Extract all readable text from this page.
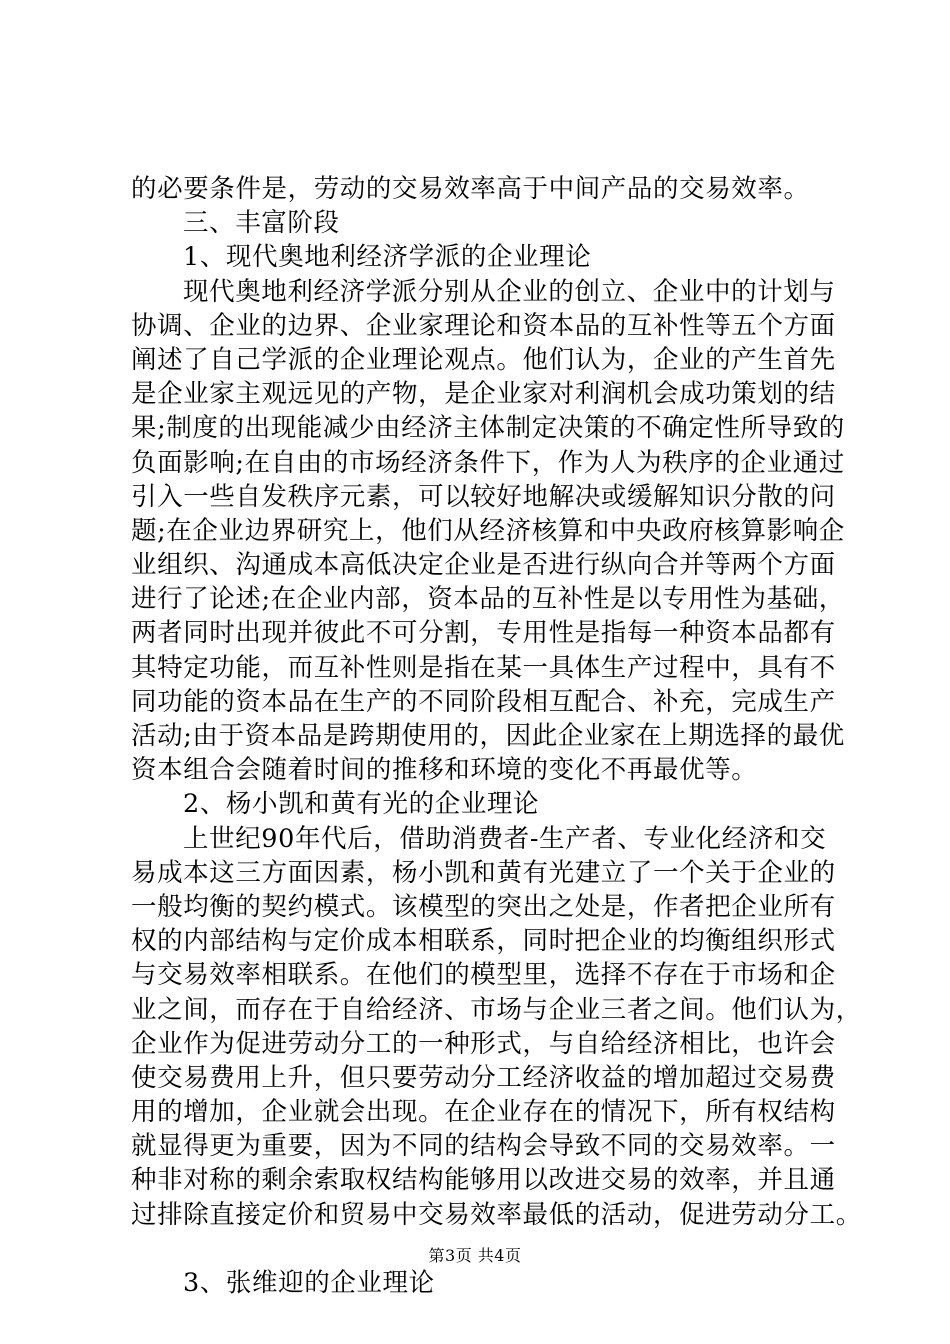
的必要条件是，劳动的交易效率高于中间产品的交易效率。
三、丰富阶段
1、现代奥地利经济学派的企业理论
现代奥地利经济学派分别从企业的创立、企业中的计划与
协调、企业的边界、企业家理论和资本品的互补性等五个方面
阐述了自己学派的企业理论观点。他们认为，企业的产生首先
是企业家主观远见的产物，是企业家对利润机会成功策划的结
果;制度的出现能减少由经济主体制定决策的不确定性所导致的
负面影响;在自由的市场经济条件下，作为人为秩序的企业通过
引入一些自发秩序元素，可以较好地解决或缓解知识分散的问
题;在企业边界研究上，他们从经济核算和中央政府核算影响企
业组织、沟通成本高低决定企业是否进行纵向合并等两个方面
进行了论述;在企业内部，资本品的互补性是以专用性为基础，
两者同时出现并彼此不可分割，专用性是指每一种资本品都有
其特定功能，而互补性则是指在某一具体生产过程中，具有不
同功能的资本品在生产的不同阶段相互配合、补充，完成生产
活动;由于资本品是跨期使用的，因此企业家在上期选择的最优
资本组合会随着时间的推移和环境的变化不再最优等。
2、杨小凯和黄有光的企业理论
上世纪90年代后，借助消费者-生产者、专业化经济和交
易成本这三方面因素，杨小凯和黄有光建立了一个关于企业的
一般均衡的契约模式。该模型的突出之处是，作者把企业所有
权的内部结构与定价成本相联系，同时把企业的均衡组织形式
与交易效率相联系。在他们的模型里，选择不存在于市场和企
业之间，而存在于自给经济、市场与企业三者之间。他们认为，
企业作为促进劳动分工的一种形式，与自给经济相比，也许会
使交易费用上升，但只要劳动分工经济收益的增加超过交易费
用的增加，企业就会出现。在企业存在的情况下，所有权结构
就显得更为重要，因为不同的结构会导致不同的交易效率。一
种非对称的剩余索取权结构能够用以改进交易的效率，并且通
过排除直接定价和贸易中交易效率最低的活动，促进劳动分工。
3、张维迎的企业理论
第3页 共4页
